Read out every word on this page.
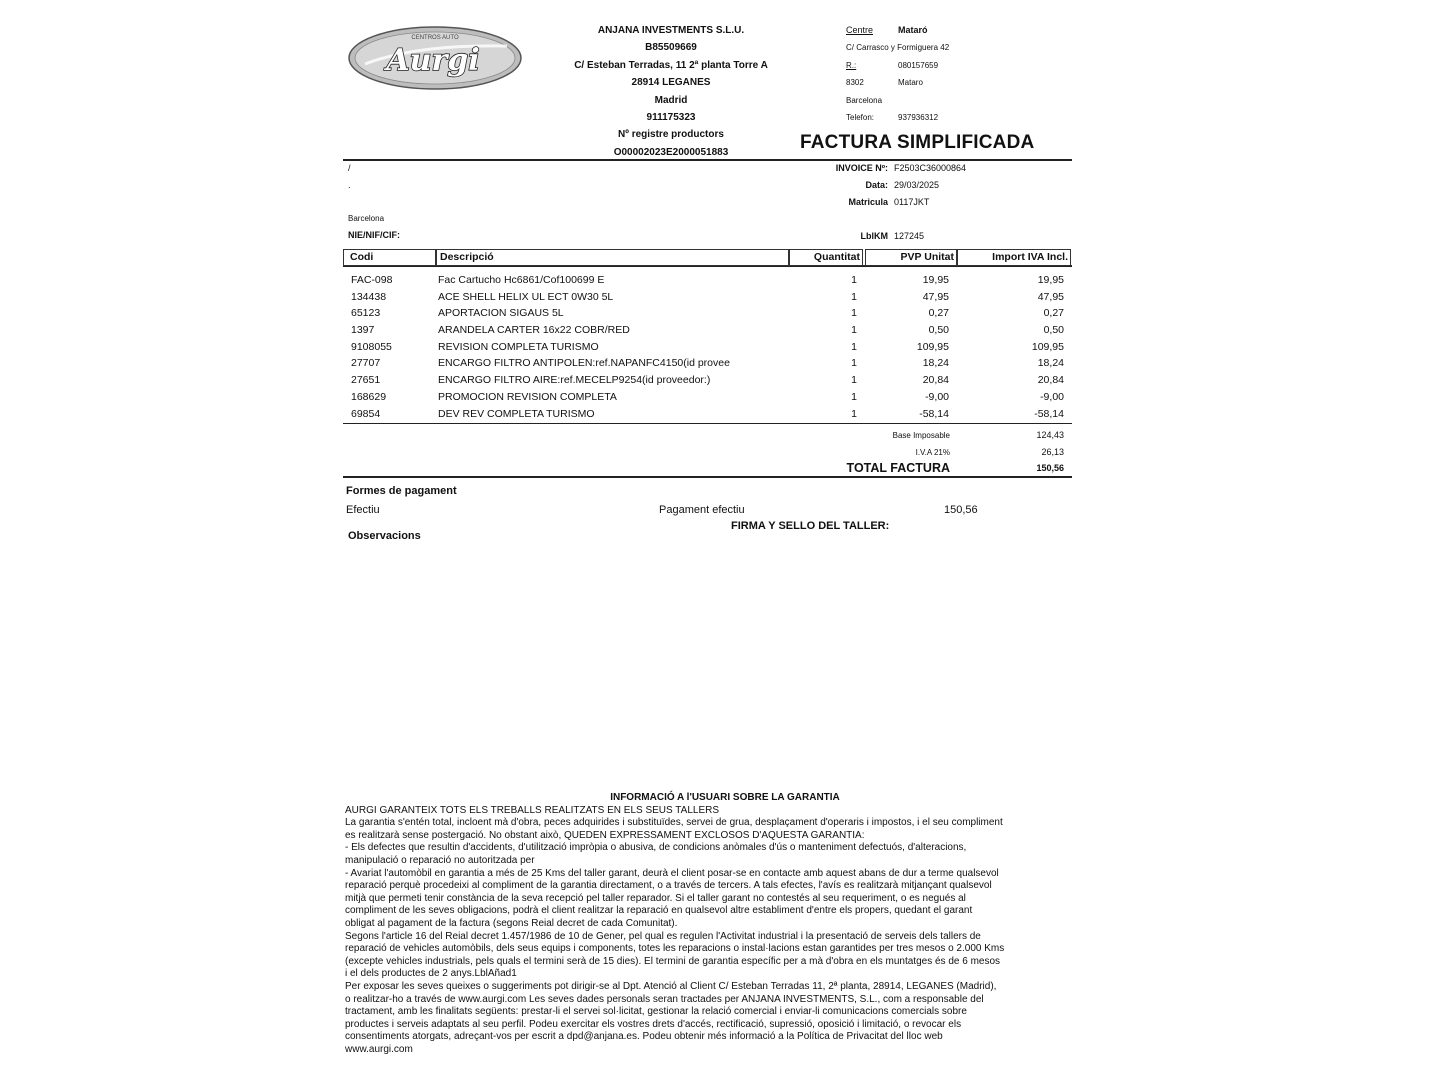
CENTROS AUTO
Aurgi
ANJANA INVESTMENTS S.L.U.
B85509669
C/ Esteban Terradas, 11 2ª planta Torre A
28914 LEGANES
Madrid
911175323
Nº registre productors
O00002023E2000051883
Centre	Mataró
C/ Carrasco y Formiguera 42
R.:	080157659
8302	Mataro
Barcelona
Telefon:	937936312
FACTURA SIMPLIFICADA
/
.
Barcelona
NIE/NIF/CIF:
INVOICE Nº: F2503C36000864
Data: 29/03/2025
Matricula 0117JKT
LblKM 127245
Codi	Descripció	Quantitat	PVP Unitat	Import IVA Incl.
FAC-098	Fac Cartucho Hc6861/Cof100699 E	1	19,95	19,95
134438	ACE SHELL HELIX UL ECT 0W30 5L	1	47,95	47,95
65123	APORTACION SIGAUS 5L	1	0,27	0,27
1397	ARANDELA CARTER 16x22 COBR/RED	1	0,50	0,50
9108055	REVISION COMPLETA TURISMO	1	109,95	109,95
27707	ENCARGO FILTRO ANTIPOLEN:ref.NAPANFC4150(id provee	1	18,24	18,24
27651	ENCARGO FILTRO AIRE:ref.MECELP9254(id proveedor:)	1	20,84	20,84
168629	PROMOCION REVISION COMPLETA	1	-9,00	-9,00
69854	DEV REV COMPLETA TURISMO	1	-58,14	-58,14
Base Imposable	124,43
I.V.A 21%	26,13
TOTAL FACTURA	150,56
Formes de pagament
Efectiu	Pagament efectiu	150,56
FIRMA Y SELLO DEL TALLER:
Observacions

INFORMACIÓ A l'USUARI SOBRE LA GARANTIA

AURGI GARANTEIX TOTS ELS TREBALLS REALITZATS EN ELS SEUS TALLERS

La garantia s'entén total, incloent mà d'obra, peces adquirides i substituïdes, servei de grua, desplaçament d'operaris i impostos, i el seu compliment

es realitzarà sense postergació. No obstant això, QUEDEN EXPRESSAMENT EXCLOSOS D'AQUESTA GARANTIA:

- Els defectes que resultin d'accidents, d'utilització impròpia o abusiva, de condicions anòmales d'ús o manteniment defectuós, d'alteracions,

manipulació o reparació no autoritzada per

- Avariat l'automòbil en garantia a més de 25 Kms del taller garant, deurà el client posar-se en contacte amb aquest abans de dur a terme qualsevol

reparació perquè procedeixi al compliment de la garantia directament, o a través de tercers. A tals efectes, l'avís es realitzarà mitjançant qualsevol

mitjà que permeti tenir constància de la seva recepció pel taller reparador. Si el taller garant no contestés al seu requeriment, o es negués al

compliment de les seves obligacions, podrà el client realitzar la reparació en qualsevol altre establiment d'entre els propers, quedant el garant

obligat al pagament de la factura (segons Reial decret de cada Comunitat).

Segons l'article 16 del Reial decret 1.457/1986 de 10 de Gener, pel qual es regulen l'Activitat industrial i la presentació de serveis dels tallers de

reparació de vehicles automòbils, dels seus equips i components, totes les reparacions o instal·lacions estan garantides per tres mesos o 2.000 Kms

(excepte vehicles industrials, pels quals el termini serà de 15 dies). El termini de garantia específic per a mà d'obra en els muntatges és de 6 mesos

i el dels productes de 2 anys.LblAñad1

Per exposar les seves queixes o suggeriments pot dirigir-se al Dpt. Atenció al Client C/ Esteban Terradas 11, 2ª planta, 28914, LEGANES (Madrid),

o realitzar-ho a través de www.aurgi.com Les seves dades personals seran tractades per ANJANA INVESTMENTS, S.L., com a responsable del

tractament, amb les finalitats següents: prestar-li el servei sol·licitat, gestionar la relació comercial i enviar-li comunicacions comercials sobre

productes i serveis adaptats al seu perfil. Podeu exercitar els vostres drets d'accés, rectificació, supressió, oposició i limitació, o revocar els

consentiments atorgats, adreçant-vos per escrit a dpd@anjana.es. Podeu obtenir més informació a la Política de Privacitat del lloc web

www.aurgi.com
